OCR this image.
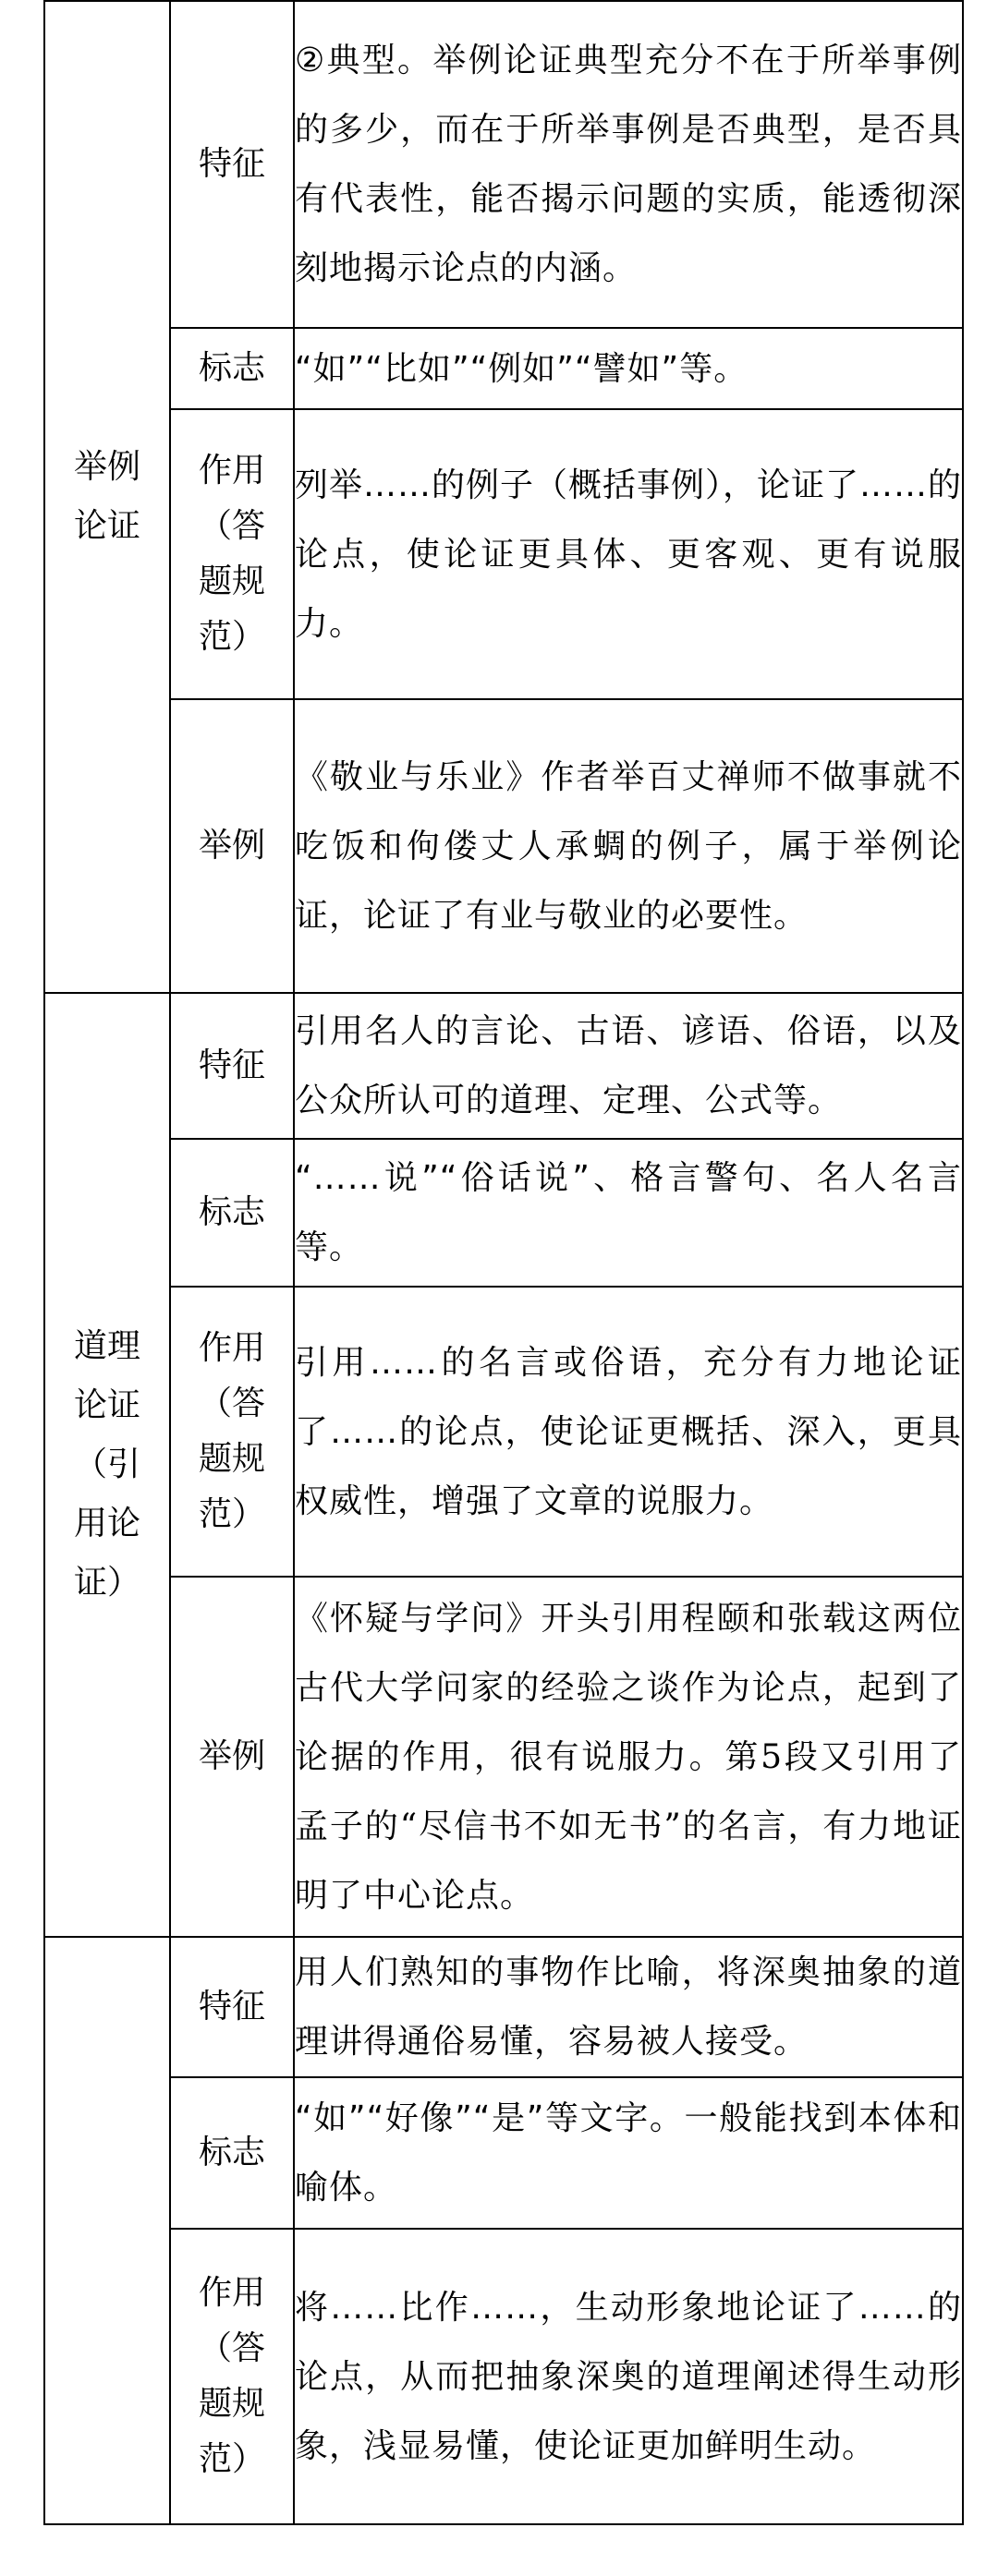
举例论证	特征	②典型。举例论证典型充分不在于所举事例的多少，而在于所举事例是否典型，是否具有代表性，能否揭示问题的实质，能透彻深刻地揭示论点的内涵。
	标志	“如”“比如”“例如”“譬如”等。
	作用（答题规范）	列举……的例子（概括事例），论证了……的论点，使论证更具体、更客观、更有说服力。
	举例	《敬业与乐业》作者举百丈禅师不做事就不吃饭和佝偻丈人承蜩的例子，属于举例论证，论证了有业与敬业的必要性。
道理论证（引用论证）	特征	引用名人的言论、古语、谚语、俗语，以及公众所认可的道理、定理、公式等。
	标志	“……说”“俗话说”、格言警句、名人名言等。
	作用（答题规范）	引用……的名言或俗语，充分有力地论证了……的论点，使论证更概括、深入，更具权威性，增强了文章的说服力。
	举例	《怀疑与学问》开头引用程颐和张载这两位古代大学问家的经验之谈作为论点，起到了论据的作用，很有说服力。第5段又引用了孟子的“尽信书不如无书”的名言，有力地证明了中心论点。
	特征	用人们熟知的事物作比喻，将深奥抽象的道理讲得通俗易懂，容易被人接受。
	标志	“如”“好像”“是”等文字。一般能找到本体和喻体。
	作用（答题规范）	将……比作……，生动形象地论证了……的论点，从而把抽象深奥的道理阐述得生动形象，浅显易懂，使论证更加鲜明生动。
